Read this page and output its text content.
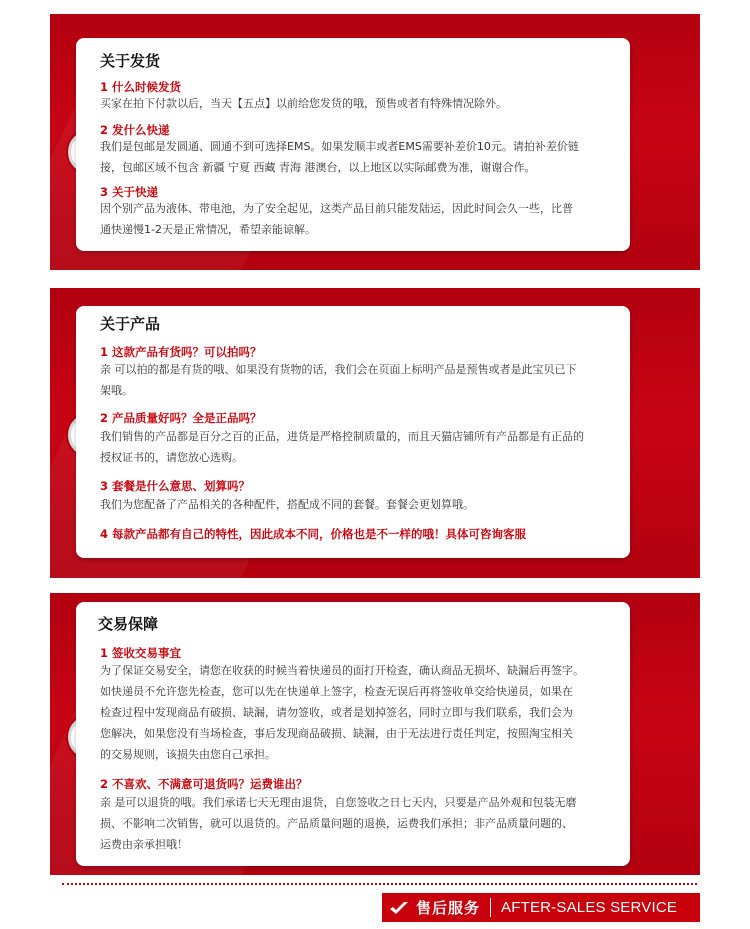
关于发货
1 什么时候发货
买家在拍下付款以后，当天【五点】以前给您发货的哦，预售或者有特殊情况除外。
2 发什么快递
我们是包邮是发圆通、圆通不到可选择EMS。如果发顺丰或者EMS需要补差价10元。请拍补差价链
接，包邮区域不包含 新疆 宁夏 西藏 青海 港澳台，以上地区以实际邮费为准，谢谢合作。
3 关于快递
因个别产品为液体、带电池，为了安全起见，这类产品目前只能发陆运，因此时间会久一些，比普
通快递慢1-2天是正常情况，希望亲能谅解。
关于产品
1 这款产品有货吗？可以拍吗？
亲 可以拍的都是有货的哦、如果没有货物的话，我们会在页面上标明产品是预售或者是此宝贝已下
架哦。
2 产品质量好吗？全是正品吗？
我们销售的产品都是百分之百的正品，进货是严格控制质量的，而且天猫店铺所有产品都是有正品的
授权证书的，请您放心选购。
3 套餐是什么意思、划算吗？
我们为您配备了产品相关的各种配件，搭配成不同的套餐。套餐会更划算哦。
4 每款产品都有自己的特性，因此成本不同，价格也是不一样的哦！具体可咨询客服
交易保障
1 签收交易事宜
为了保证交易安全，请您在收获的时候当着快递员的面打开检查，确认商品无损坏、缺漏后再签字。
如快递员不允许您先检查，您可以先在快递单上签字，检查无误后再将签收单交给快递员，如果在
检查过程中发现商品有破损、缺漏，请勿签收，或者是划掉签名，同时立即与我们联系，我们会为
您解决，如果您没有当场检查，事后发现商品破损、缺漏，由于无法进行责任判定，按照淘宝相关
的交易规则，该损失由您自己承担。
2 不喜欢、不满意可退货吗？运费谁出？
亲 是可以退货的哦。我们承诺七天无理由退货，自您签收之日七天内，只要是产品外观和包装无磨
损、不影响二次销售，就可以退货的。产品质量问题的退换，运费我们承担；非产品质量问题的、
运费由亲承担哦！
售后服务 AFTER-SALES SERVICE
